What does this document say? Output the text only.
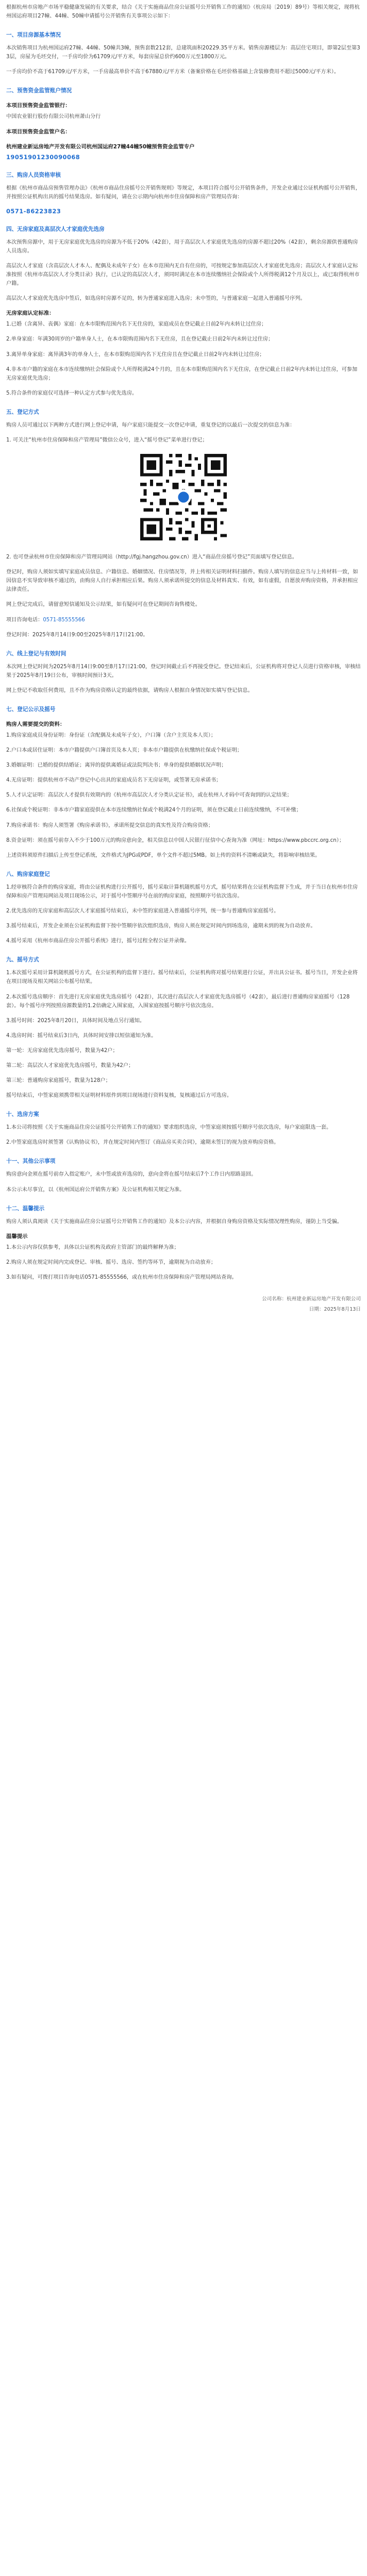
根据杭州市房地产市场平稳健康发展的有关要求，结合《关于实施商品住房公证摇号公开销售工作的通知》（杭房局〔2019〕89号）等相关规定，现将杭州国运府项目27幢、44幢、50幢申请摇号公开销售有关事项公示如下：

一、项目房源基本情况

本次销售项目为杭州国运府27幢、44幢、50幢共3幢，预售套数212套，总建筑面积20229.35平方米。销售房源楼层为：高层住宅项目，即第2层至第33层，房屋为毛坯交付，一手房均价为61709元/平方米，每套房屋总价约600万元至1800万元。

一手房均价不高于61709元/平方米，一手房最高单价不高于67880元/平方米（备案价格在毛坯价格基础上含装修费用不超过5000元/平方米）。

二、预售资金监管账户情况

本项目预售资金监管银行：

中国农业银行股份有限公司杭州萧山分行

本项目预售资金监管户名：

杭州建业新运房地产开发有限公司杭州国运府27幢44幢50幢预售资金监管专户

19051901230090068

三、购房人员资格审核

根据《杭州市商品房预售管理办法》《杭州市商品住房摇号公开销售规则》等规定，本项目符合摇号公开销售条件，开发企业通过公证机构摇号公开销售，并按照公证机构出具的摇号结果选房。如有疑问，请在公示期内向杭州市住房保障和房产管理局咨询：

0571-86223823

四、无房家庭及高层次人才家庭优先选房

本次预售房源中，用于无房家庭优先选房的房源为不低于20%（42套），用于高层次人才家庭优先选房的房源不超过20%（42套），剩余房源供普通购房人员选房。

高层次人才家庭（含高层次人才本人、配偶及未成年子女）在本市范围内无自有住房的，可按规定参加高层次人才家庭优先选房；高层次人才家庭认定标准按照《杭州市高层次人才分类目录》执行，已认定的高层次人才，须同时满足在本市连续缴纳社会保险或个人所得税满12个月及以上，或已取得杭州市户籍。

高层次人才家庭优先选房中签后，如选房时房源不足的，转为普通家庭进入选房；未中签的，与普通家庭一起进入普通摇号序列。

无房家庭认定标准：

1.已婚（含离异、丧偶）家庭：在本市限购范围内名下无住房的，家庭成员在登记截止日前2年内未转让过住房；

2.单身家庭：年满30周岁的户籍单身人士，在本市限购范围内名下无住房，且在登记截止日前2年内未转让过住房；

3.离异单身家庭：离异满3年的单身人士，在本市限购范围内名下无住房且在登记截止日前2年内未转让过住房；

4.非本市户籍的家庭在本市连续缴纳社会保险或个人所得税满24个月的，且在本市限购范围内名下无住房，在登记截止日前2年内未转让过住房，可参加无房家庭优先选房；

5.符合条件的家庭仅可选择一种认定方式参与优先选房。

五、登记方式

购房人员可通过以下两种方式进行网上登记申请，每户家庭只能提交一次登记申请，重复登记的以最后一次提交的信息为准：

1. 可关注“杭州市住房保障和房产管理局”微信公众号，进入“摇号登记”菜单进行登记；

2. 也可登录杭州市住房保障和房产管理局网站（http://fgj.hangzhou.gov.cn）进入“商品住房摇号登记”页面填写登记信息。

登记时，购房人须如实填写家庭成员信息、户籍信息、婚姻情况、住房情况等，并上传相关证明材料扫描件。购房人填写的信息应当与上传材料一致，如因信息不实导致审核不通过的，由购房人自行承担相应后果。购房人须承诺所提交的信息及材料真实、有效，如有虚假，自愿放弃购房资格，并承担相应法律责任。

网上登记完成后，请留意短信通知及公示结果，如有疑问可在登记期间咨询售楼处。

项目咨询电话：0571-85555566

登记时间：2025年8月14日9:00至2025年8月17日21:00。

六、线上登记与有效时间

本次网上登记时间为2025年8月14日9:00至8月17日21:00，登记时间截止后不再接受登记。登记结束后，公证机构将对登记人员进行资格审核，审核结果于2025年8月19日公布，审核时间预计3天。

网上登记不收取任何费用，且不作为购房资格认定的最终依据，请购房人根据自身情况如实填写登记信息。

七、登记公示及摇号

购房人需要提交的资料：

1.购房家庭成员身份证明：身份证（含配偶及未成年子女），户口簿（含户主页及本人页）；

2.户口本或居住证明：本市户籍提供户口簿首页及本人页；非本市户籍提供在杭缴纳社保或个税证明；

3.婚姻证明：已婚的提供结婚证；离异的提供离婚证或法院判决书；单身的提供婚姻状况声明；

4.无房证明：提供杭州市不动产登记中心出具的家庭成员名下无房证明，或签署无房承诺书；

5.人才认定证明：高层次人才提供有效期内的《杭州市高层次人才分类认定证书》，或在杭州人才码中可查询到的认定结果；

6.社保或个税证明：非本市户籍家庭提供在本市连续缴纳社保或个税满24个月的证明，须在登记截止日前连续缴纳，不可补缴；

7.购房承诺书：购房人须签署《购房承诺书》，承诺所提交信息的真实性及符合购房资格；

8.资金证明：须在摇号前存入不少于100万元的购房意向金，相关信息以中国人民银行征信中心查询为准（网址：https://www.pbccrc.org.cn）；

上述资料须原件扫描后上传至登记系统，文件格式为JPG或PDF，单个文件不超过5MB。如上传的资料不清晰或缺失，将影响审核结果。

八、购房家庭登记

1.经审核符合条件的购房家庭，将由公证机构进行公开摇号，摇号采取计算机随机摇号方式，摇号结果将在公证机构监督下生成，并于当日在杭州市住房保障和房产管理局网站及项目现场公示，对于摇号中签顺序号在前的购房家庭，按照顺序号依次选房。

2.优先选房的无房家庭和高层次人才家庭摇号结束后，未中签的家庭进入普通摇号序列，统一参与普通购房家庭摇号。

3.摇号结束后，开发企业须在公证机构监督下按中签顺序依次组织选房，购房人须在规定时间内到场选房，逾期未到的视为自动放弃。

4.摇号采用《杭州市商品住房公开摇号系统》进行，摇号过程全程公证并录像。

九、摇号方式

1.本次摇号采用计算机随机摇号方式，在公证机构的监督下进行。摇号结束后，公证机构将对摇号结果进行公证，并出具公证书。摇号当日，开发企业将在项目现场及相关网站公布摇号结果。

2.本次摇号选房顺序：首先进行无房家庭优先选房摇号（42套），其次进行高层次人才家庭优先选房摇号（42套），最后进行普通购房家庭摇号（128套）。每个摇号序列按照房源数量的1.2倍确定入围家庭，入围家庭按摇号顺序号依次选房。

3.摇号时间：2025年8月20日，具体时间及地点另行通知。

4.选房时间：摇号结束后3日内，具体时间安排以短信通知为准。

第一轮：无房家庭优先选房摇号，数量为42户；

第二轮：高层次人才家庭优先选房摇号，数量为42户；

第三轮：普通购房家庭摇号，数量为128户；

摇号结束后，中签家庭须携带相关证明材料原件到项目现场进行资料复核，复核通过后方可选房。

十、选房方案

1.本公司将按照《关于实施商品住房公证摇号公开销售工作的通知》要求组织选房，中签家庭须按摇号顺序号依次选房，每户家庭限选一套。

2.中签家庭选房时须签署《认购协议书》，并在规定时间内签订《商品房买卖合同》，逾期未签订的视为放弃购房资格。

十一、其他公示事项

购房意向金须在摇号前存入指定账户，未中签或放弃选房的，意向金将在摇号结束后7个工作日内原路退回。

本公示未尽事宜，以《杭州国运府公开销售方案》及公证机构相关规定为准。

十二、温馨提示

购房人须认真阅读《关于实施商品住房公证摇号公开销售工作的通知》及本公示内容，并根据自身购房资格及实际情况理性购房，谨防上当受骗。

温馨提示

1.本公示内容仅供参考，具体以公证机构及政府主管部门的最终解释为准；

2.购房人须在规定时间内完成登记、审核、摇号、选房、签约等环节，逾期视为自动放弃；

3.如有疑问，可拨打项目咨询电话0571-85555566，或在杭州市住房保障和房产管理局网站查询。

公司名称：杭州建业新运房地产开发有限公司

日期：2025年8月13日
